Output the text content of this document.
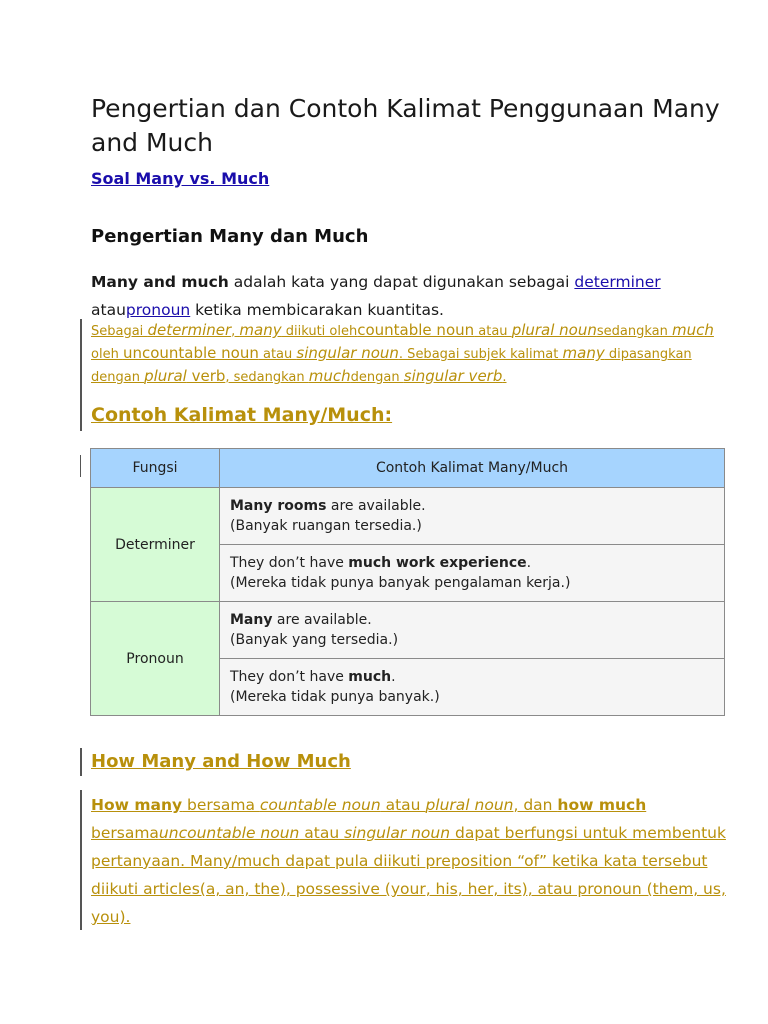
Pengertian dan Contoh Kalimat Penggunaan Many and Much
Soal Many vs. Much
Pengertian Many dan Much
Many and much adalah kata yang dapat digunakan sebagai determiner ataupronoun ketika membicarakan kuantitas.
Sebagai determiner, many diikuti olehcountable noun atau plural nounsedangkan much oleh uncountable noun atau singular noun. Sebagai subjek kalimat many dipasangkan dengan plural verb, sedangkan muchdengan singular verb.
Contoh Kalimat Many/Much:
Fungsi	Contoh Kalimat Many/Much
Determiner	Many rooms are available.
(Banyak ruangan tersedia.)
	They don’t have much work experience.
(Mereka tidak punya banyak pengalaman kerja.)
Pronoun	Many are available.
(Banyak yang tersedia.)
	They don’t have much.
(Mereka tidak punya banyak.)
How Many and How Much
How many bersama countable noun atau plural noun, dan how much bersamauncountable noun atau singular noun dapat berfungsi untuk membentuk pertanyaan. Many/much dapat pula diikuti preposition “of” ketika kata tersebut diikuti articles(a, an, the), possessive (your, his, her, its), atau pronoun (them, us, you).
